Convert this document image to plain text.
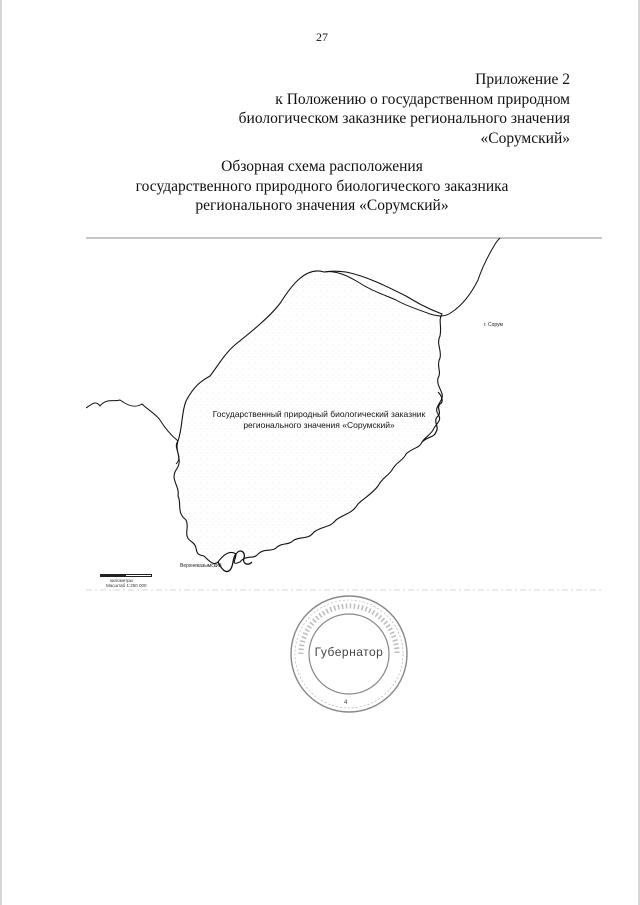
27
Приложение 2
к Положению о государственном природном
биологическом заказнике регионального значения
«Сорумский»
Обзорная схема расположения
государственного природного биологического заказника
регионального значения «Сорумский»
Государственный природный биологический заказник
регионального значения «Сорумский»
г. Сорум
Верхнеказымский
километры
Масштаб 1:250 000
Губернатор
4
